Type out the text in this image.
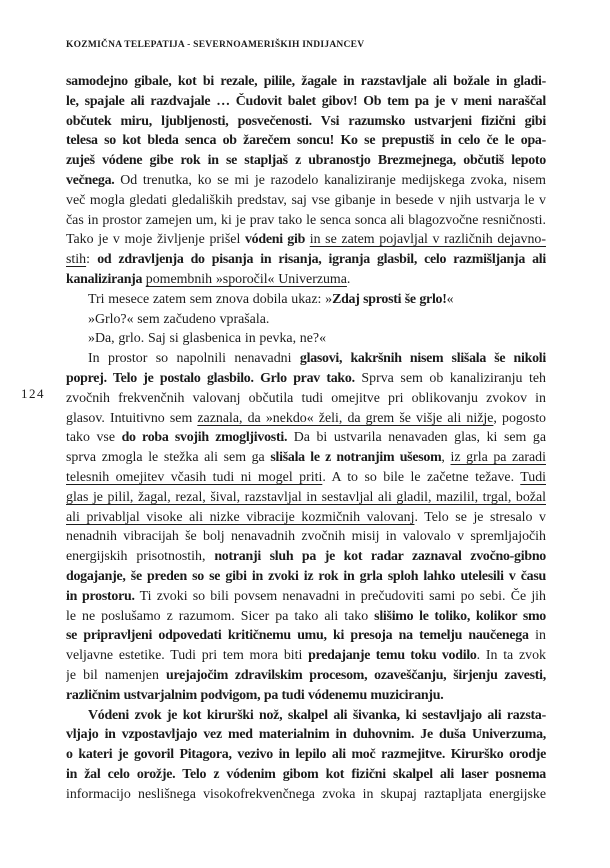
KOZMIČNA TELEPATIJA - SEVERNOAMERIŠKIH INDIJANCEV
124
samodejno gibale, kot bi rezale, pilile, žagale in razstavljale ali božale in gladi-
le, spajale ali razdvajale … Čudovit balet gibov! Ob tem pa je v meni naraščal
občutek miru, ljubljenosti, posvečenosti. Vsi razumsko ustvarjeni fizični gibi
telesa so kot bleda senca ob žarečem soncu! Ko se prepustiš in celo če le opa-
zuješ vódene gibe rok in se stapljaš z ubranostjo Brezmejnega, občutiš lepoto
večnega. Od trenutka, ko se mi je razodelo kanaliziranje medijskega zvoka, nisem
več mogla gledati gledaliških predstav, saj vse gibanje in besede v njih ustvarja le v
čas in prostor zamejen um, ki je prav tako le senca sonca ali blagozvočne resničnosti.
Tako je v moje življenje prišel vódeni gib in se zatem pojavljal v različnih dejavno-
stih: od zdravljenja do pisanja in risanja, igranja glasbil, celo razmišljanja ali
kanaliziranja pomembnih »sporočil« Univerzuma.
Tri mesece zatem sem znova dobila ukaz: »Zdaj sprosti še grlo!«
»Grlo?« sem začudeno vprašala.
»Da, grlo. Saj si glasbenica in pevka, ne?«
In prostor so napolnili nenavadni glasovi, kakršnih nisem slišala še nikoli
poprej. Telo je postalo glasbilo. Grlo prav tako. Sprva sem ob kanaliziranju teh
zvočnih frekvenčnih valovanj občutila tudi omejitve pri oblikovanju zvokov in
glasov. Intuitivno sem zaznala, da »nekdo« želi, da grem še višje ali nižje, pogosto
tako vse do roba svojih zmogljivosti. Da bi ustvarila nenavaden glas, ki sem ga
sprva zmogla le stežka ali sem ga slišala le z notranjim ušesom, iz grla pa zaradi
telesnih omejitev včasih tudi ni mogel priti. A to so bile le začetne težave. Tudi
glas je pilil, žagal, rezal, šival, razstavljal in sestavljal ali gladil, mazilil, trgal, božal
ali privabljal visoke ali nizke vibracije kozmičnih valovanj. Telo se je stresalo v
nenadnih vibracijah še bolj nenavadnih zvočnih misij in valovalo v spremljajočih
energijskih prisotnostih, notranji sluh pa je kot radar zaznaval zvočno-gibno
dogajanje, še preden so se gibi in zvoki iz rok in grla sploh lahko utelesili v času
in prostoru. Ti zvoki so bili povsem nenavadni in prečudoviti sami po sebi. Če jih
le ne poslušamo z razumom. Sicer pa tako ali tako slišimo le toliko, kolikor smo
se pripravljeni odpovedati kritičnemu umu, ki presoja na temelju naučenega in
veljavne estetike. Tudi pri tem mora biti predajanje temu toku vodilo. In ta zvok
je bil namenjen urejajočim zdravilskim procesom, ozaveščanju, širjenju zavesti,
različnim ustvarjalnim podvigom, pa tudi vódenemu muziciranju.
Vódeni zvok je kot kirurški nož, skalpel ali šivanka, ki sestavljajo ali razsta-
vljajo in vzpostavljajo vez med materialnim in duhovnim. Je duša Univerzuma,
o kateri je govoril Pitagora, vezivo in lepilo ali moč razmejitve. Kirurško orodje
in žal celo orožje. Telo z vódenim gibom kot fizični skalpel ali laser posnema
informacijo neslišnega visokofrekvenčnega zvoka in skupaj raztapljata energijske
